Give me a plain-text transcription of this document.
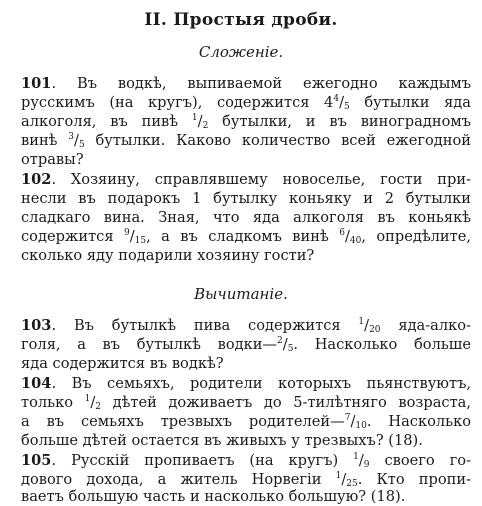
II. Простыя дроби.
Сложеніе.
101. Въ водкѣ, выпиваемой ежегодно каждымъ
русскимъ (на кругъ), содержится $4^4/_5$ бутылки яда
алкоголя, въ пивѣ $^1/_2$ бутылки, и въ виноградномъ
винѣ $^3/_5$ бутылки. Каково количество всей ежегодной
отравы?
102. Хозяину, справлявшему новоселье, гости при-
несли въ подарокъ 1 бутылку коньяку и 2 бутылки
сладкаго вина. Зная, что яда алкоголя въ коньякѣ
содержится $^9/_{15}$, а въ сладкомъ винѣ $^6/_{40}$, опредѣлите,
сколько яду подарили хозяину гости?
Вычитаніе.
103. Въ бутылкѣ пива содержится $^1/_{20}$ яда-алко-
голя, а въ бутылкѣ $водки—^2/_5$. Насколько больше
яда содержится въ водкѣ?
104. Въ семьяхъ, родители которыхъ пьянствуютъ,
только $^1/_2$ дѣтей доживаетъ до 5-тилѣтняго возраста,
а въ семьяхъ трезвыхъ $родителей—^7/_{10}$. Насколько
больше дѣтей остается въ живыхъ у трезвыхъ? (18).
105. Русскій пропиваетъ (на кругъ) $^1/_9$ своего го-
дового дохода, а житель Норвегіи $^1/_{25}$. Кто пропи-
ваетъ большую часть и насколько большую? (18).
